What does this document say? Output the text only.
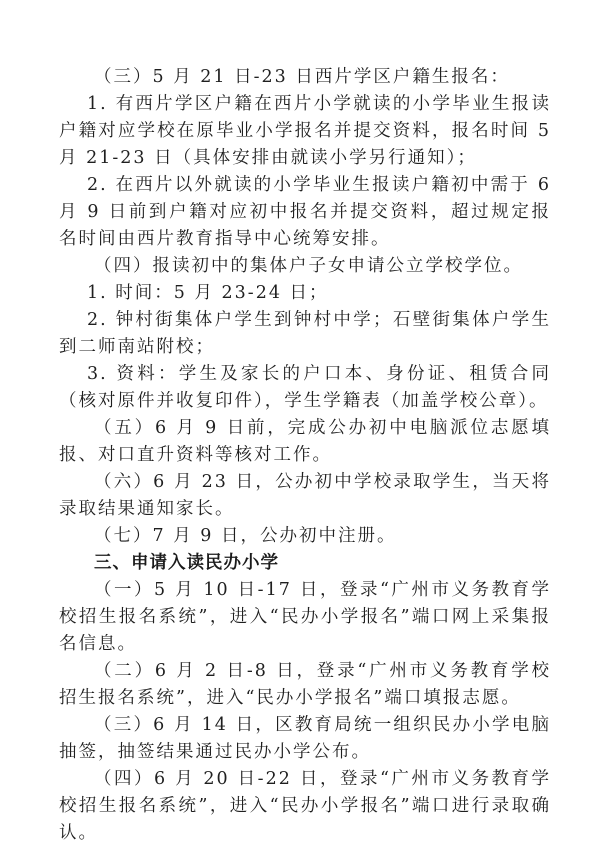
（三）5 月 21 日-23 日西片学区户籍生报名：

1. 有西片学区户籍在西片小学就读的小学毕业生报读户籍对应学校在原毕业小学报名并提交资料，报名时间 5 月 21-23 日（具体安排由就读小学另行通知）；

2. 在西片以外就读的小学毕业生报读户籍初中需于 6 月 9 日前到户籍对应初中报名并提交资料，超过规定报名时间由西片教育指导中心统筹安排。

（四）报读初中的集体户子女申请公立学校学位。

1. 时间：5 月 23-24 日；

2. 钟村街集体户学生到钟村中学；石壁街集体户学生到二师南站附校；

3. 资料：学生及家长的户口本、身份证、租赁合同（核对原件并收复印件），学生学籍表（加盖学校公章）。

（五）6 月 9 日前，完成公办初中电脑派位志愿填报、对口直升资料等核对工作。

（六）6 月 23 日，公办初中学校录取学生，当天将录取结果通知家长。

（七）7 月 9 日，公办初中注册。

三、申请入读民办小学

（一）5 月 10 日-17 日，登录“广州市义务教育学校招生报名系统”，进入“民办小学报名”端口网上采集报名信息。

（二）6 月 2 日-8 日，登录“广州市义务教育学校招生报名系统”，进入“民办小学报名”端口填报志愿。

（三）6 月 14 日，区教育局统一组织民办小学电脑抽签，抽签结果通过民办小学公布。

（四）6 月 20 日-22 日，登录“广州市义务教育学校招生报名系统”，进入“民办小学报名”端口进行录取确认。
